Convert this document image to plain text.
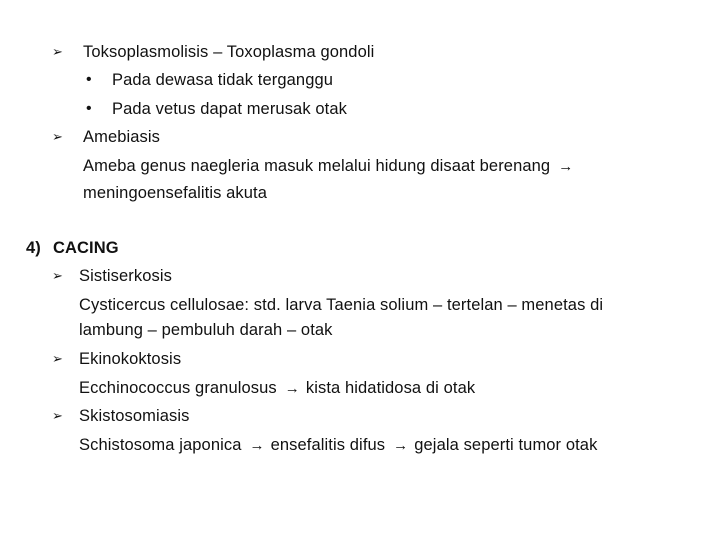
➢ Toksoplasmolisis – Toxoplasma gondoli
• Pada dewasa tidak terganggu
• Pada vetus dapat merusak otak
➢ Amebiasis
Ameba genus naegleria masuk melalui hidung disaat berenang →
meningoensefalitis akuta
4) CACING
➢ Sistiserkosis
Cysticercus cellulosae: std. larva Taenia solium – tertelan – menetas di
lambung – pembuluh darah – otak
➢ Ekinokoktosis
Ecchinococcus granulosus → kista hidatidosa di otak
➢ Skistosomiasis
Schistosoma japonica → ensefalitis difus → gejala seperti tumor otak
